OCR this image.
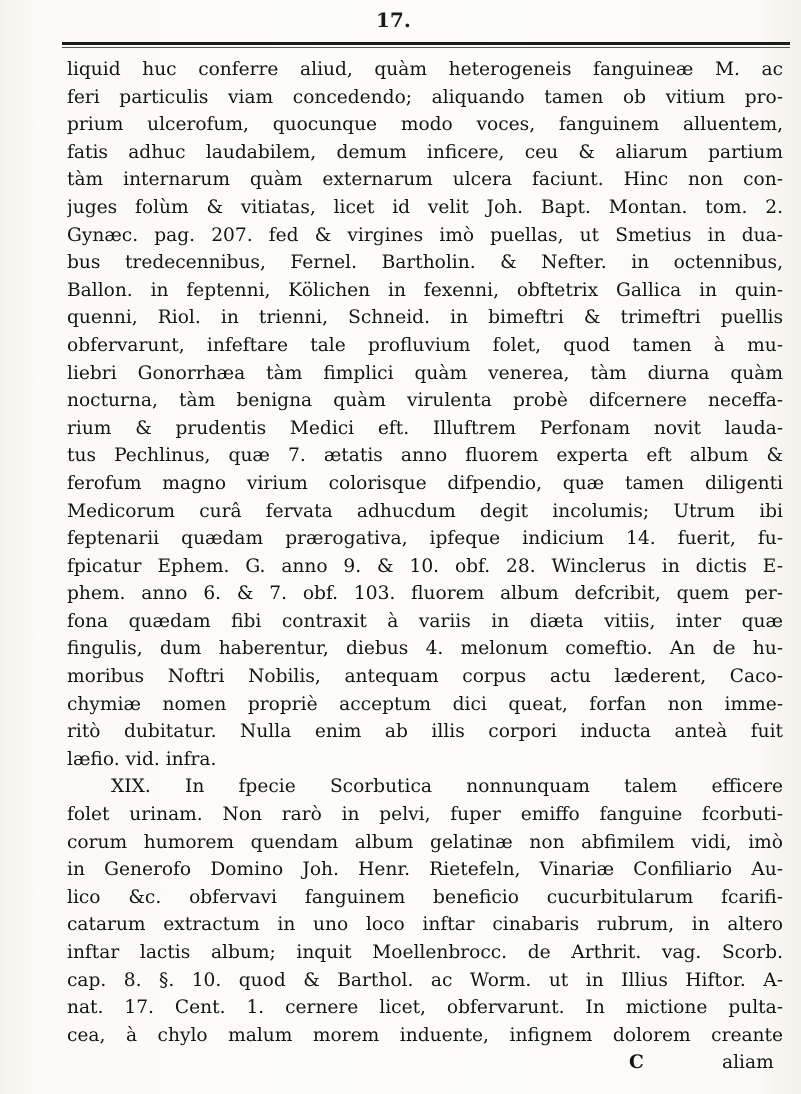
17.
liquid huc conferre aliud, quàm heterogeneis fanguineæ M. ac
feri particulis viam concedendo; aliquando tamen ob vitium pro-
prium ulcerofum, quocunque modo voces, fanguinem alluentem,
fatis adhuc laudabilem, demum inficere, ceu & aliarum partium
tàm internarum quàm externarum ulcera faciunt. Hinc non con-
juges folùm & vitiatas, licet id velit Joh. Bapt. Montan. tom. 2.
Gynæc. pag. 207. fed & virgines imò puellas, ut Smetius in dua-
bus tredecennibus, Fernel. Bartholin. & Nefter. in octennibus,
Ballon. in feptenni, Kölichen in fexenni, obftetrix Gallica in quin-
quenni, Riol. in trienni, Schneid. in bimeftri & trimeftri puellis
obfervarunt, infeftare tale profluvium folet, quod tamen à mu-
liebri Gonorrhæa tàm fimplici quàm venerea, tàm diurna quàm
nocturna, tàm benigna quàm virulenta probè difcernere neceffa-
rium & prudentis Medici eft. Illuftrem Perfonam novit lauda-
tus Pechlinus, quæ 7. ætatis anno fluorem experta eft album &
ferofum magno virium colorisque difpendio, quæ tamen diligenti
Medicorum curâ fervata adhucdum degit incolumis; Utrum ibi
feptenarii quædam prærogativa, ipfeque indicium 14. fuerit, fu-
fpicatur Ephem. G. anno 9. & 10. obf. 28. Winclerus in dictis E-
phem. anno 6. & 7. obf. 103. fluorem album defcribit, quem per-
fona quædam fibi contraxit à variis in diæta vitiis, inter quæ
fingulis, dum haberentur, diebus 4. melonum comeftio. An de hu-
moribus Noftri Nobilis, antequam corpus actu læderent, Caco-
chymiæ nomen propriè acceptum dici queat, forfan non imme-
ritò dubitatur. Nulla enim ab illis corpori inducta anteà fuit
læfio. vid. infra.
XIX. In fpecie Scorbutica nonnunquam talem efficere
folet urinam. Non rarò in pelvi, fuper emiffo fanguine fcorbuti-
corum humorem quendam album gelatinæ non abfimilem vidi, imò
in Generofo Domino Joh. Henr. Rietefeln, Vinariæ Confiliario Au-
lico &c. obfervavi fanguinem beneficio cucurbitularum fcarifi-
catarum extractum in uno loco inftar cinabaris rubrum, in altero
inftar lactis album; inquit Moellenbrocc. de Arthrit. vag. Scorb.
cap. 8. §. 10. quod & Barthol. ac Worm. ut in Illius Hiftor. A-
nat. 17. Cent. 1. cernere licet, obfervarunt. In mictione pulta-
cea, à chylo malum morem induente, infignem dolorem creante
C	aliam
